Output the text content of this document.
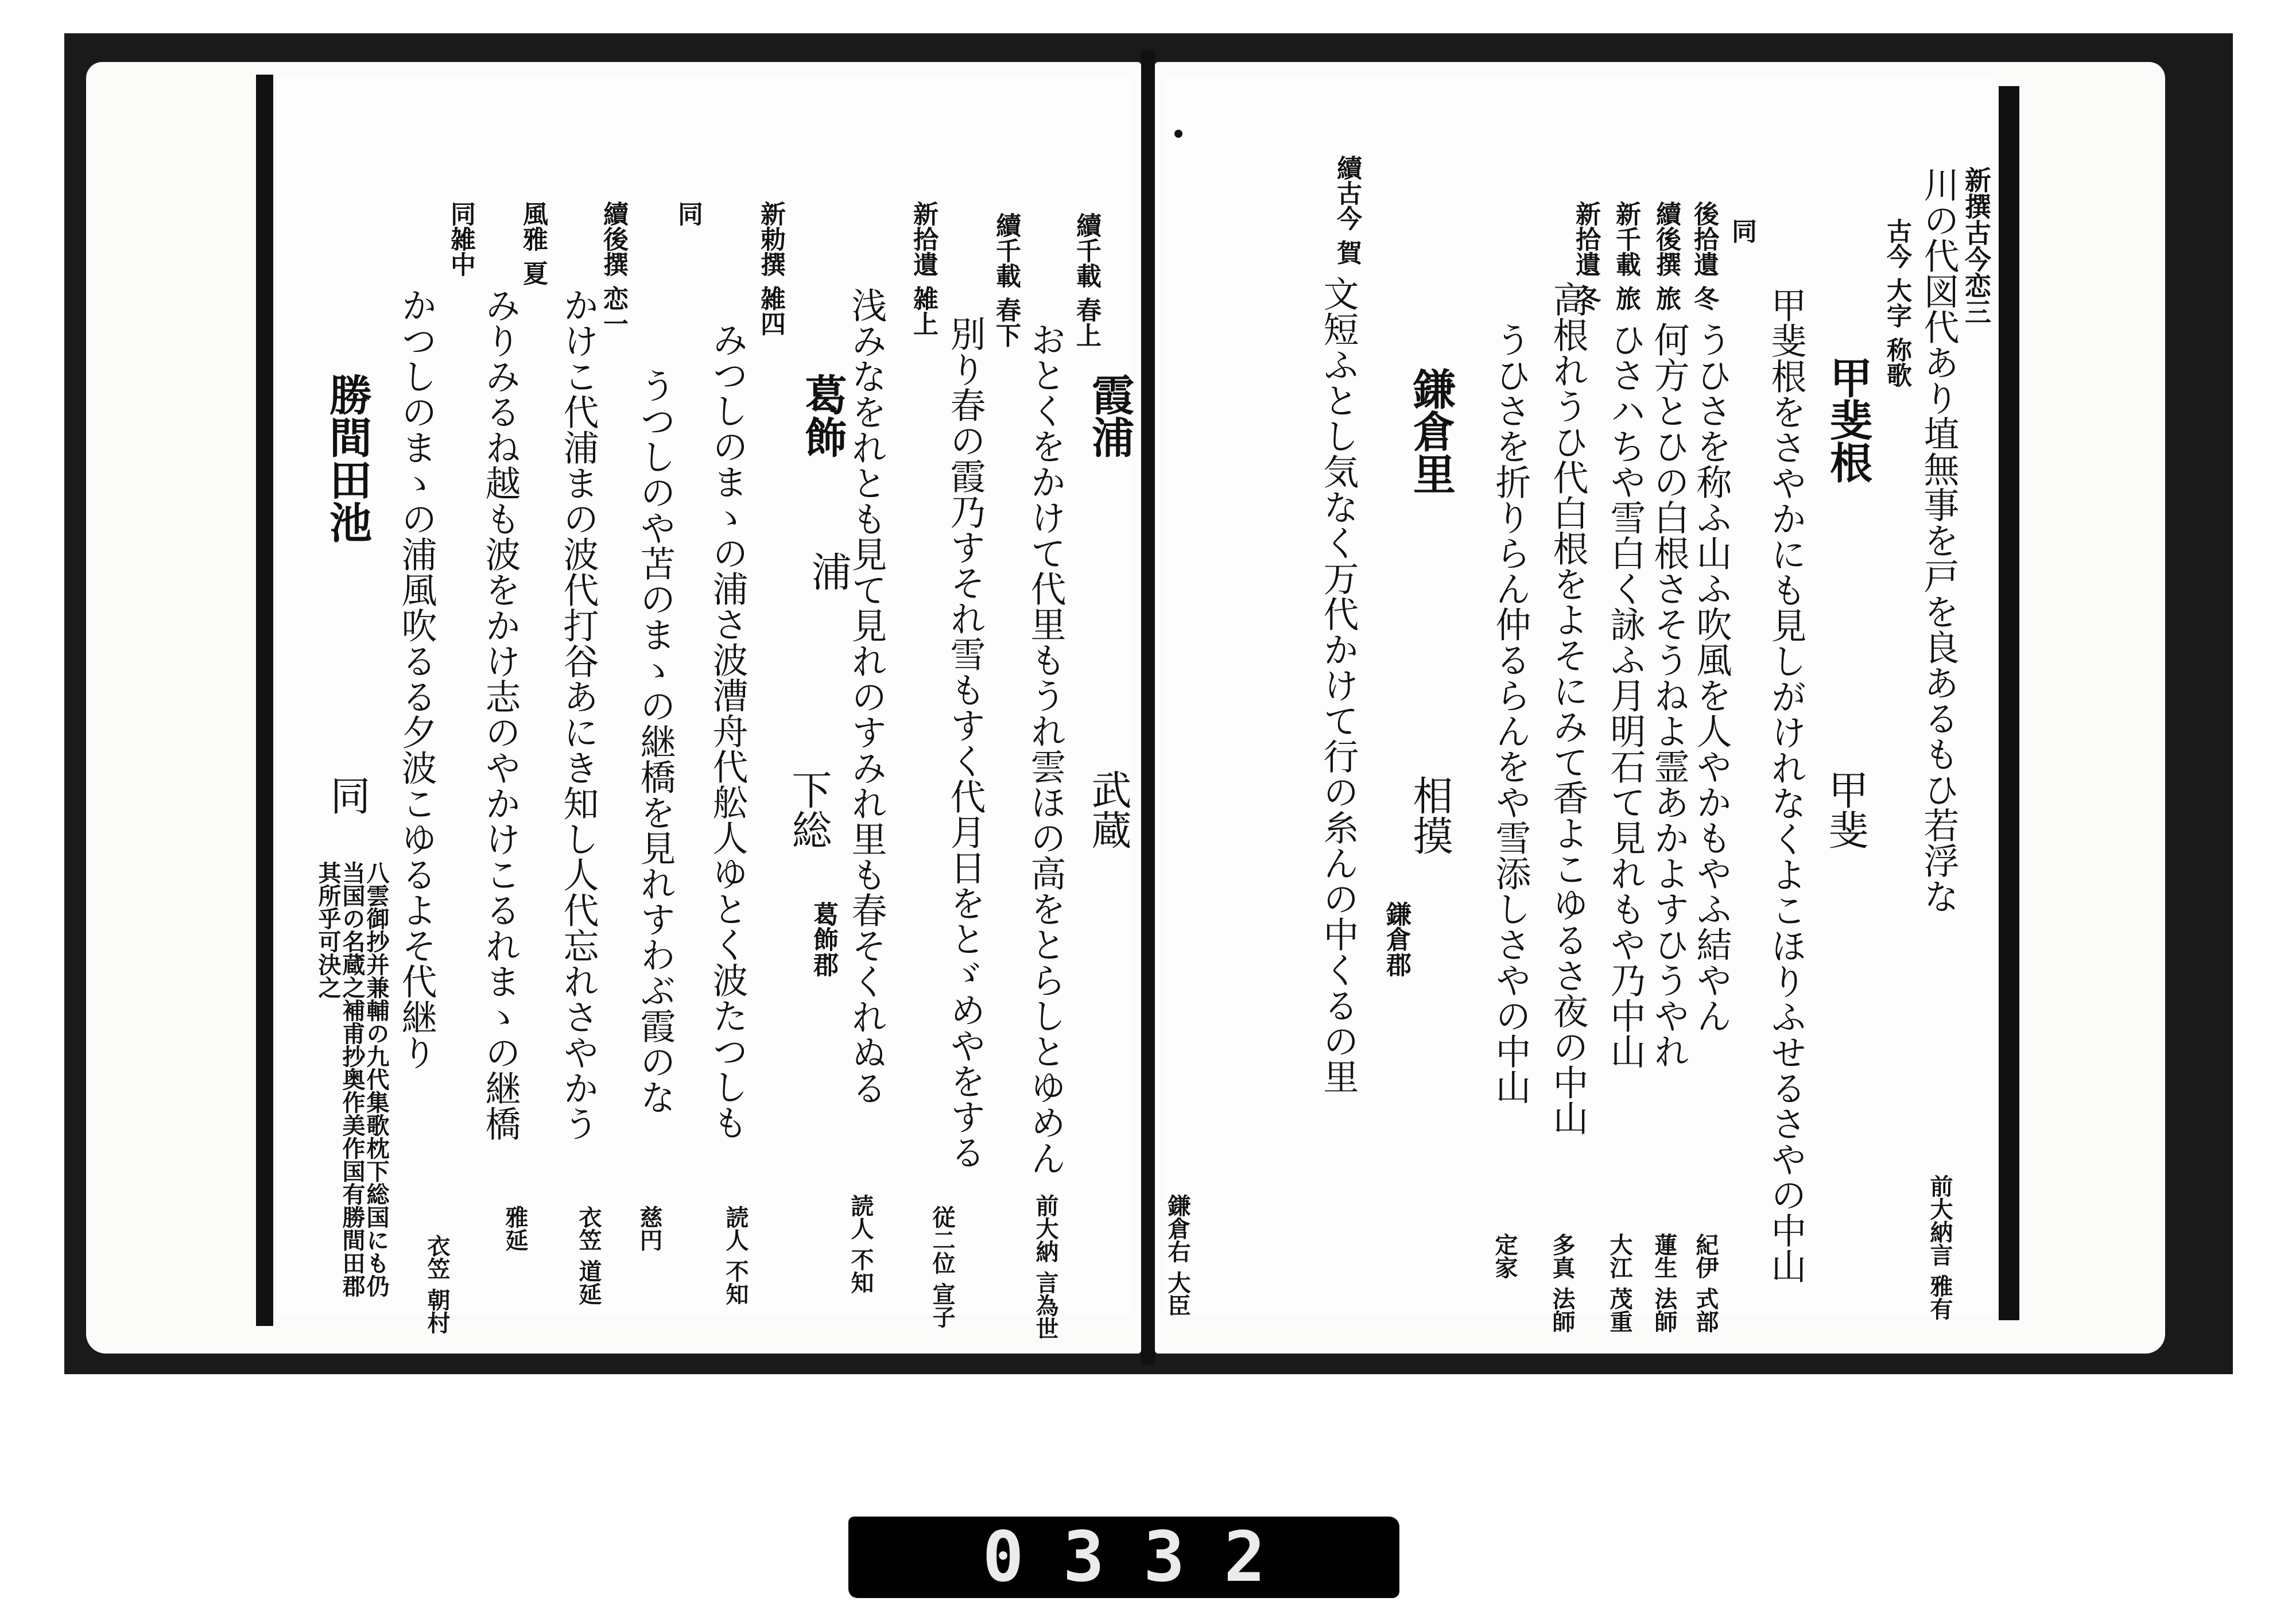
新撰古今恋三
川の代図代あり埴無事を戸を良あるもひ若浮な
前大納言 雅有
古今 大字 称歌
甲斐根
甲斐
甲斐根をさやかにも見しがけれなくよこほりふせるさやの中山
同
後拾遺 冬
うひさを称ふ山ふ吹風を人やかもやふ結やん
紀伊 式部
續後撰 旅
何方とひの白根さそうねよ霊あかよすひうやれ
蓮生 法師
新千載 旅
ひさハちや雪白く詠ふ月明石て見れもや乃中山
大江 茂重
新拾遺 冬
高根れうひ代白根をよそにみて香よこゆるさ夜の中山
多真 法師
うひさを折りらん仲るらんをや雪添しさやの中山
定家
鎌倉里
相摸
鎌倉郡
續古今 賀
文短ふとし気なく万代かけて行の糸んの中くるの里
鎌倉右 大臣
續千載 春上
霞浦
武蔵
おとくをかけて代里もうれ雲ほの高をとらしとゆめん
前大納 言為世
續千載 春下
別り春の霞乃すそれ雪もすく代月日をとゞめやをする
従二位 宣子
新拾遺 雑上
浅みなをれとも見て見れのすみれ里も春そくれぬる
読人 不知
葛飾
浦
下総
葛飾郡
新勅撰 雑四
みつしのまゝの浦さ波漕舟代舩人ゆとく波たつしも
読人 不知
同
うつしのや苫のまゝの継橋を見れすわぶ霞のな
慈円
續後撰 恋一
かけこ代浦まの波代打谷あにき知し人代忘れさやかう
衣笠 道延
風雅 夏
みりみるね越も波をかけ志のやかけこるれまゝの継橋
雅延
同雑中
かつしのまゝの浦風吹るる夕波こゆるよそ代継り
衣笠 朝村
勝間田池
同
八雲御抄并兼輔の九代集歌枕下総国にも仍当国の名蔵之補甫抄奥作美作国有勝間田郡其所乎可決之
0332
